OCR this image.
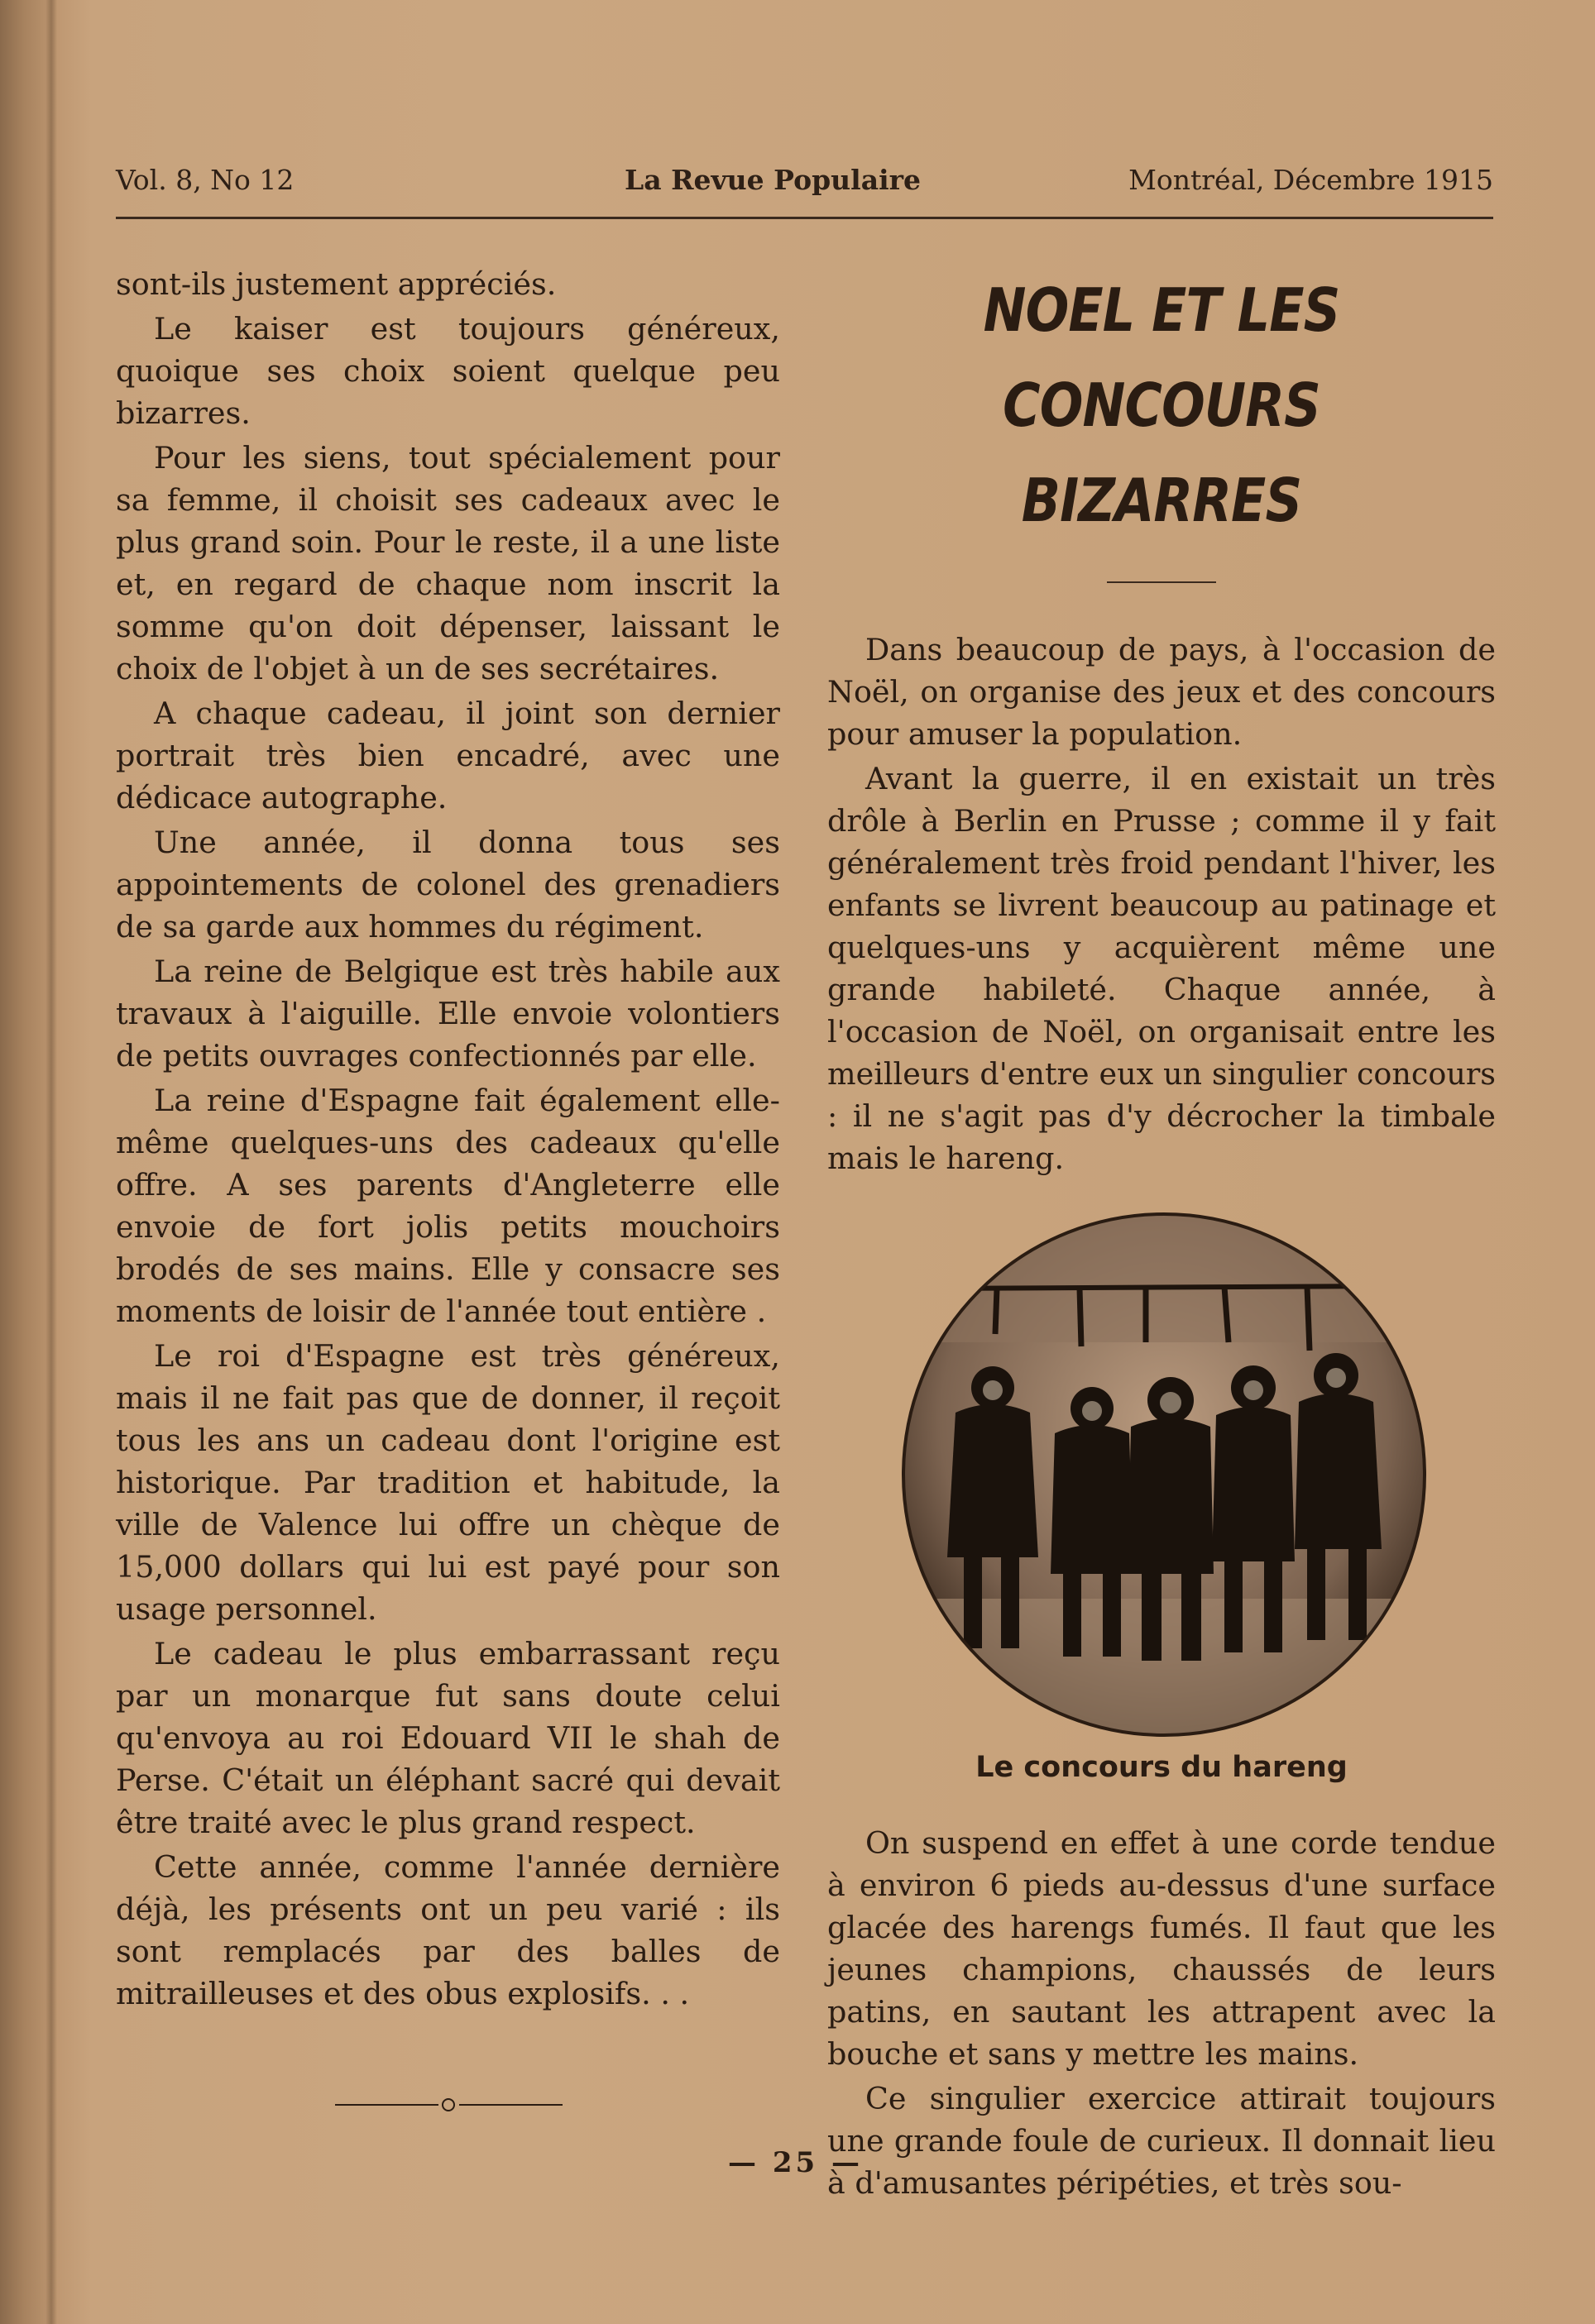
Vol. 8, No 12	La Revue Populaire	Montréal, Décembre 1915

sont-ils justement appréciés.

Le kaiser est toujours généreux, quoique ses choix soient quelque peu bizarres.

Pour les siens, tout spécialement pour sa femme, il choisit ses cadeaux avec le plus grand soin. Pour le reste, il a une liste et, en regard de chaque nom inscrit la somme qu'on doit dépenser, laissant le choix de l'objet à un de ses secrétaires.

A chaque cadeau, il joint son dernier portrait très bien encadré, avec une dédicace autographe.

Une année, il donna tous ses appointements de colonel des grenadiers de sa garde aux hommes du régiment.

La reine de Belgique est très habile aux travaux à l'aiguille. Elle envoie volontiers de petits ouvrages confectionnés par elle.

La reine d'Espagne fait également elle-même quelques-uns des cadeaux qu'elle offre. A ses parents d'Angleterre elle envoie de fort jolis petits mouchoirs brodés de ses mains. Elle y consacre ses moments de loisir de l'année tout entière .

Le roi d'Espagne est très généreux, mais il ne fait pas que de donner, il reçoit tous les ans un cadeau dont l'origine est historique. Par tradition et habitude, la ville de Valence lui offre un chèque de 15,000 dollars qui lui est payé pour son usage personnel.

Le cadeau le plus embarrassant reçu par un monarque fut sans doute celui qu'envoya au roi Edouard VII le shah de Perse. C'était un éléphant sacré qui devait être traité avec le plus grand respect.

Cette année, comme l'année dernière déjà, les présents ont un peu varié : ils sont remplacés par des balles de mitrailleuses et des obus explosifs. . .

NOEL ET LES CONCOURS
BIZARRES

Dans beaucoup de pays, à l'occasion de Noël, on organise des jeux et des concours pour amuser la population.

Avant la guerre, il en existait un très drôle à Berlin en Prusse ; comme il y fait généralement très froid pendant l'hiver, les enfants se livrent beaucoup au patinage et quelques-uns y acquièrent même une grande habileté. Chaque année, à l'occasion de Noël, on organisait entre les meilleurs d'entre eux un singulier concours : il ne s'agit pas d'y décrocher la timbale mais le hareng.

Le concours du hareng

On suspend en effet à une corde tendue à environ 6 pieds au-dessus d'une surface glacée des harengs fumés. Il faut que les jeunes champions, chaussés de leurs patins, en sautant les attrapent avec la bouche et sans y mettre les mains.

Ce singulier exercice attirait toujours une grande foule de curieux. Il donnait lieu à d'amusantes péripéties, et très sou-

— 25 —
